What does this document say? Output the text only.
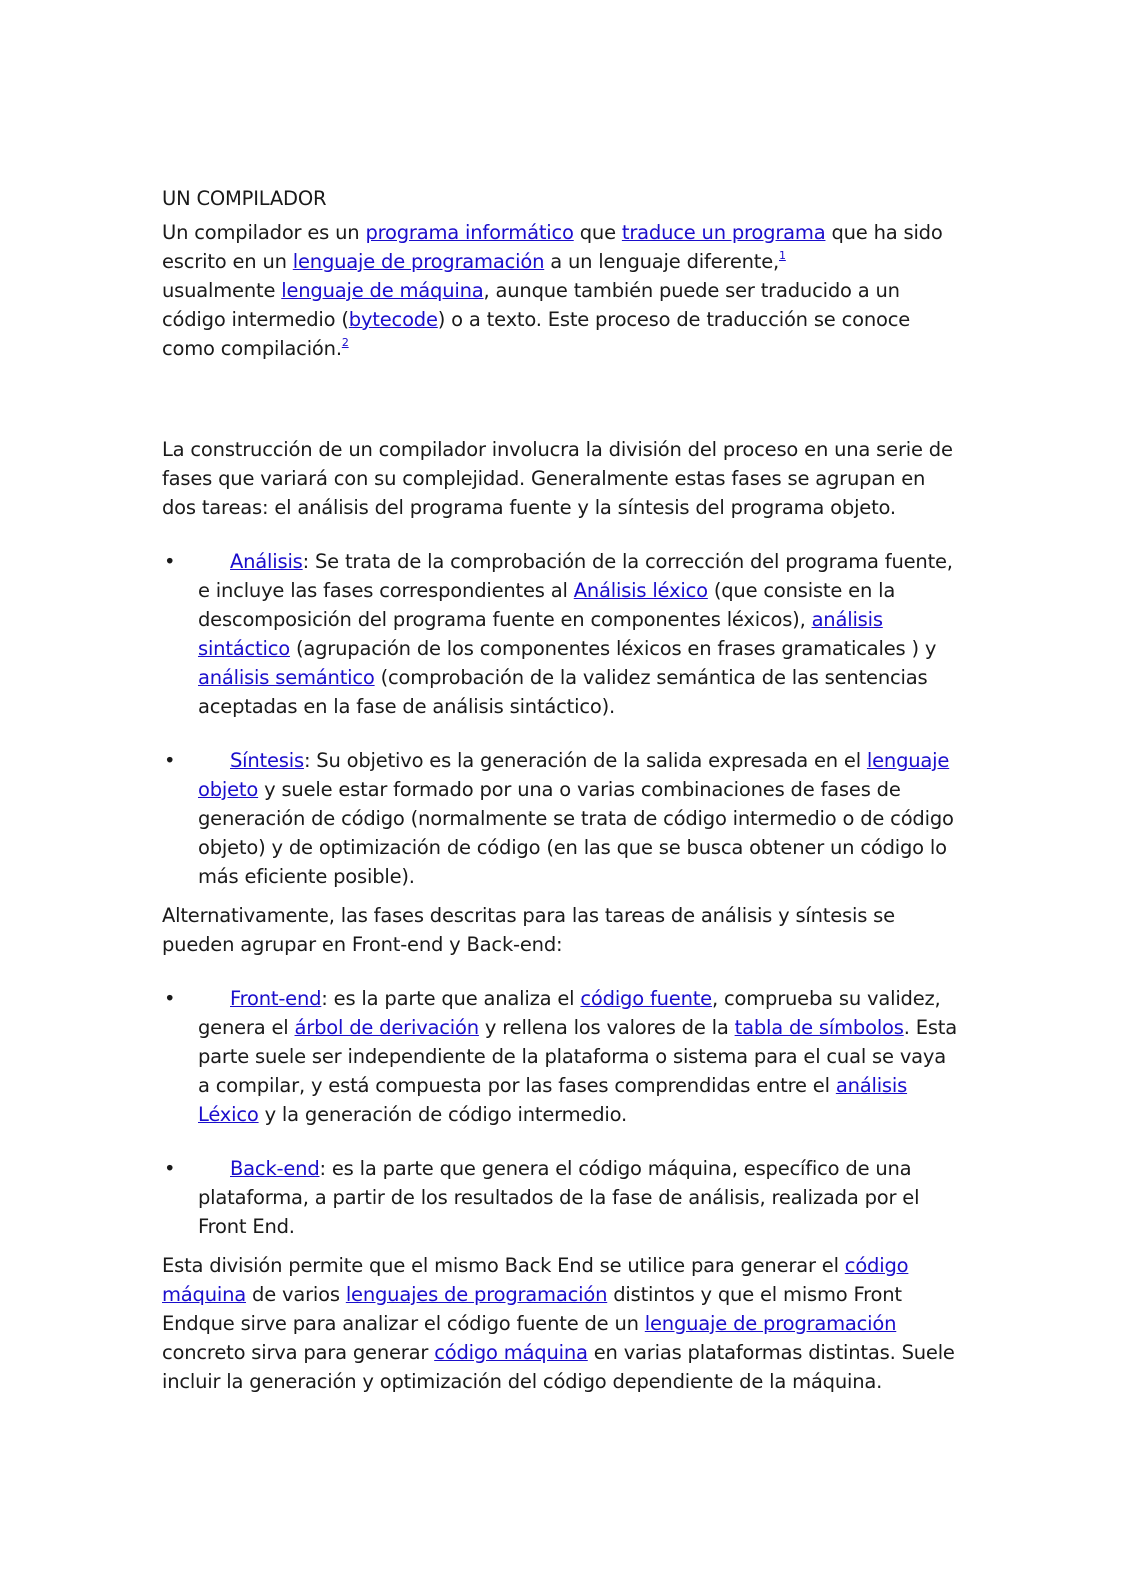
UN COMPILADOR

Un compilador es un programa informático que traduce un programa que ha sido escrito en un lenguaje de programación a un lenguaje diferente,$^1$
usualmente lenguaje de máquina, aunque también puede ser traducido a un código intermedio (bytecode) o a texto. Este proceso de traducción se conoce como compilación.$^2$

La construcción de un compilador involucra la división del proceso en una serie de fases que variará con su complejidad. Generalmente estas fases se agrupan en dos tareas: el análisis del programa fuente y la síntesis del programa objeto.

•	Análisis: Se trata de la comprobación de la corrección del programa fuente, e incluye las fases correspondientes al Análisis léxico (que consiste en la descomposición del programa fuente en componentes léxicos), análisis sintáctico (agrupación de los componentes léxicos en frases gramaticales ) y análisis semántico (comprobación de la validez semántica de las sentencias aceptadas en la fase de análisis sintáctico).
•	Síntesis: Su objetivo es la generación de la salida expresada en el lenguaje objeto y suele estar formado por una o varias combinaciones de fases de generación de código (normalmente se trata de código intermedio o de código objeto) y de optimización de código (en las que se busca obtener un código lo más eficiente posible).

Alternativamente, las fases descritas para las tareas de análisis y síntesis se pueden agrupar en Front-end y Back-end:

•	Front-end: es la parte que analiza el código fuente, comprueba su validez, genera el árbol de derivación y rellena los valores de la tabla de símbolos. Esta parte suele ser independiente de la plataforma o sistema para el cual se vaya a compilar, y está compuesta por las fases comprendidas entre el análisis Léxico y la generación de código intermedio.
•	Back-end: es la parte que genera el código máquina, específico de una plataforma, a partir de los resultados de la fase de análisis, realizada por el Front End.

Esta división permite que el mismo Back End se utilice para generar el código máquina de varios lenguajes de programación distintos y que el mismo Front Endque sirve para analizar el código fuente de un lenguaje de programación concreto sirva para generar código máquina en varias plataformas distintas. Suele incluir la generación y optimización del código dependiente de la máquina.
